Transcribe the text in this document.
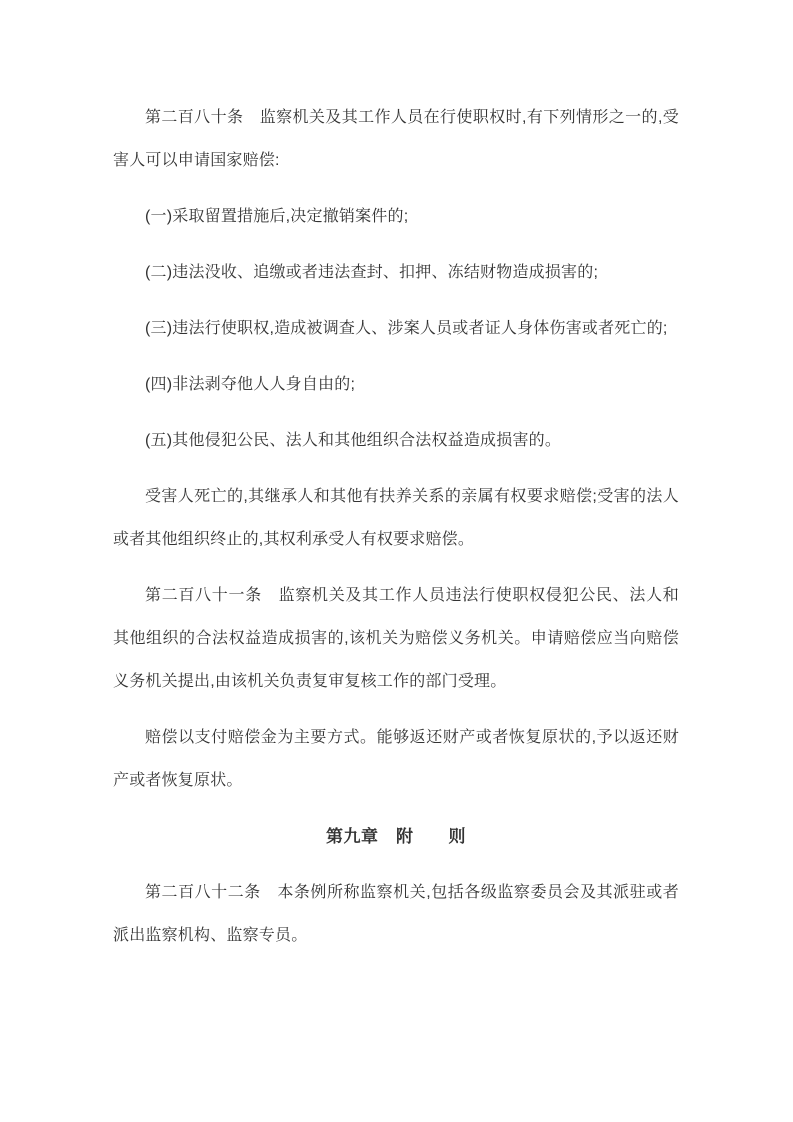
第二百八十条　监察机关及其工作人员在行使职权时,有下列情形之一的,受害人可以申请国家赔偿:

(一)采取留置措施后,决定撤销案件的;

(二)违法没收、追缴或者违法查封、扣押、冻结财物造成损害的;

(三)违法行使职权,造成被调查人、涉案人员或者证人身体伤害或者死亡的;

(四)非法剥夺他人人身自由的;

(五)其他侵犯公民、法人和其他组织合法权益造成损害的。

受害人死亡的,其继承人和其他有扶养关系的亲属有权要求赔偿;受害的法人或者其他组织终止的,其权利承受人有权要求赔偿。

第二百八十一条　监察机关及其工作人员违法行使职权侵犯公民、法人和其他组织的合法权益造成损害的,该机关为赔偿义务机关。申请赔偿应当向赔偿义务机关提出,由该机关负责复审复核工作的部门受理。

赔偿以支付赔偿金为主要方式。能够返还财产或者恢复原状的,予以返还财产或者恢复原状。

第九章　附　　则

第二百八十二条　本条例所称监察机关,包括各级监察委员会及其派驻或者派出监察机构、监察专员。
